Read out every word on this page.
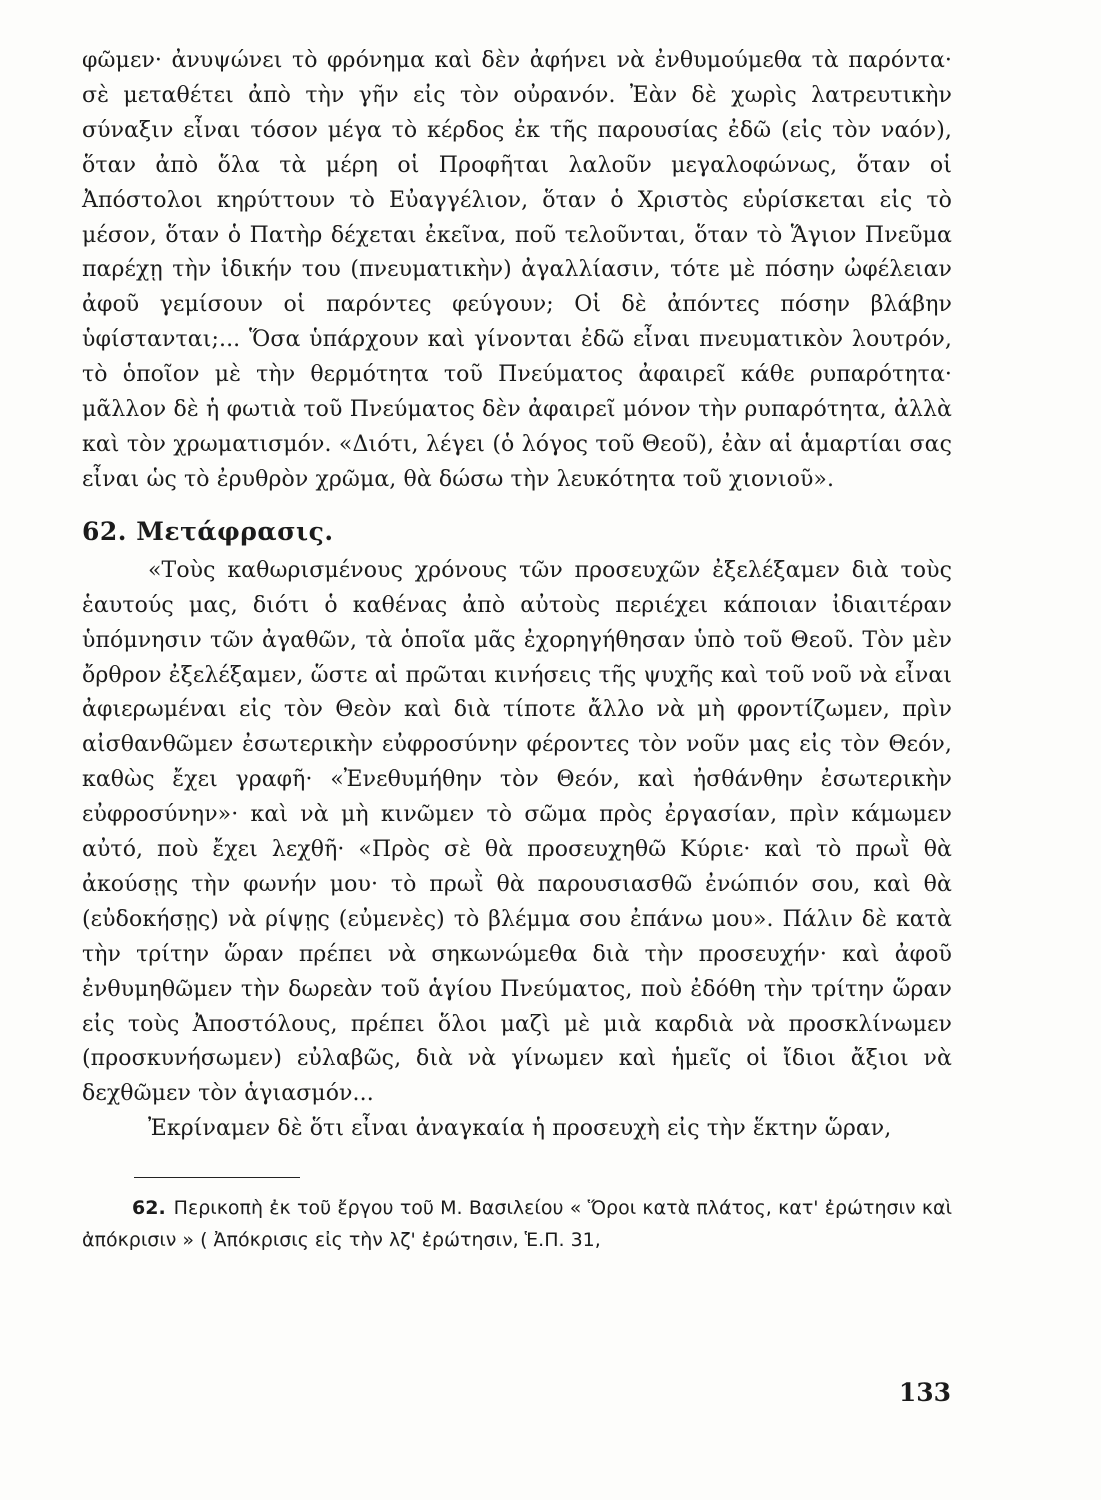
φῶμεν· ἀνυψώνει τὸ φρόνημα καὶ δὲν ἀφήνει νὰ ἐνθυμούμεθα τὰ παρόντα· σὲ μεταθέτει ἀπὸ τὴν γῆν εἰς τὸν οὐρανόν. Ἐὰν δὲ χωρὶς λατρευτικὴν σύναξιν εἶναι τόσον μέγα τὸ κέρδος ἐκ τῆς παρουσίας ἐδῶ (εἰς τὸν ναόν), ὅταν ἀπὸ ὅλα τὰ μέρη οἱ Προφῆται λαλοῦν μεγαλοφώνως, ὅταν οἱ Ἀπόστολοι κηρύττουν τὸ Εὐαγγέλιον, ὅταν ὁ Χριστὸς εὑρίσκεται εἰς τὸ μέσον, ὅταν ὁ Πατὴρ δέχεται ἐκεῖνα, ποῦ τελοῦνται, ὅταν τὸ Ἅγιον Πνεῦμα παρέχῃ τὴν ἰδικήν του (πνευματικὴν) ἀγαλλίασιν, τότε μὲ πόσην ὠφέλειαν ἀφοῦ γεμίσουν οἱ παρόντες φεύγουν; Οἱ δὲ ἀπόντες πόσην βλάβην ὑφίστανται;... Ὅσα ὑπάρχουν καὶ γίνονται ἐδῶ εἶναι πνευματικὸν λουτρόν, τὸ ὁποῖον μὲ τὴν θερμότητα τοῦ Πνεύματος ἀφαιρεῖ κάθε ρυπαρότητα· μᾶλλον δὲ ἡ φωτιὰ τοῦ Πνεύματος δὲν ἀφαιρεῖ μόνον τὴν ρυπαρότητα, ἀλλὰ καὶ τὸν χρωματισμόν. «Διότι, λέγει (ὁ λόγος τοῦ Θεοῦ), ἐὰν αἱ ἁμαρτίαι σας εἶναι ὡς τὸ ἐρυθρὸν χρῶμα, θὰ δώσω τὴν λευκότητα τοῦ χιονιοῦ».

62. Μετάφρασις.

«Τοὺς καθωρισμένους χρόνους τῶν προσευχῶν ἐξελέξαμεν διὰ τοὺς ἑαυτούς μας, διότι ὁ καθένας ἀπὸ αὐτοὺς περιέχει κάποιαν ἰδιαιτέραν ὑπόμνησιν τῶν ἀγαθῶν, τὰ ὁποῖα μᾶς ἐχορηγήθησαν ὑπὸ τοῦ Θεοῦ. Τὸν μὲν ὄρθρον ἐξελέξαμεν, ὥστε αἱ πρῶται κινήσεις τῆς ψυχῆς καὶ τοῦ νοῦ νὰ εἶναι ἀφιερωμέναι εἰς τὸν Θεὸν καὶ διὰ τίποτε ἄλλο νὰ μὴ φροντίζωμεν, πρὶν αἰσθανθῶμεν ἐσωτερικὴν εὐφροσύνην φέροντες τὸν νοῦν μας εἰς τὸν Θεόν, καθὼς ἔχει γραφῆ· «Ἐνεθυμήθην τὸν Θεόν, καὶ ἠσθάνθην ἐσωτερικὴν εὐφροσύνην»· καὶ νὰ μὴ κινῶμεν τὸ σῶμα πρὸς ἐργασίαν, πρὶν κάμωμεν αὐτό, ποὺ ἔχει λεχθῆ· «Πρὸς σὲ θὰ προσευχηθῶ Κύριε· καὶ τὸ πρωῒ θὰ ἀκούσῃς τὴν φωνήν μου· τὸ πρωῒ θὰ παρουσιασθῶ ἐνώπιόν σου, καὶ θὰ (εὐδοκήσῃς) νὰ ρίψῃς (εὐμενὲς) τὸ βλέμμα σου ἐπάνω μου». Πάλιν δὲ κατὰ τὴν τρίτην ὥραν πρέπει νὰ σηκωνώμεθα διὰ τὴν προσευχήν· καὶ ἀφοῦ ἐνθυμηθῶμεν τὴν δωρεὰν τοῦ ἁγίου Πνεύματος, ποὺ ἐδόθη τὴν τρίτην ὥραν εἰς τοὺς Ἀποστόλους, πρέπει ὅλοι μαζὶ μὲ μιὰ καρδιὰ νὰ προσκλίνωμεν (προσκυνήσωμεν) εὐλαβῶς, διὰ νὰ γίνωμεν καὶ ἡμεῖς οἱ ἴδιοι ἄξιοι νὰ δεχθῶμεν τὸν ἁγιασμόν...

Ἐκρίναμεν δὲ ὅτι εἶναι ἀναγκαία ἡ προσευχὴ εἰς τὴν ἕκτην ὥραν,

62. Περικοπὴ ἐκ τοῦ ἔργου τοῦ Μ. Βασιλείου « Ὅροι κατὰ πλάτος, κατ' ἐρώτησιν καὶ ἀπόκρισιν » ( Ἀπόκρισις εἰς τὴν λζ' ἐρώτησιν, Ἑ.Π. 31,

133
